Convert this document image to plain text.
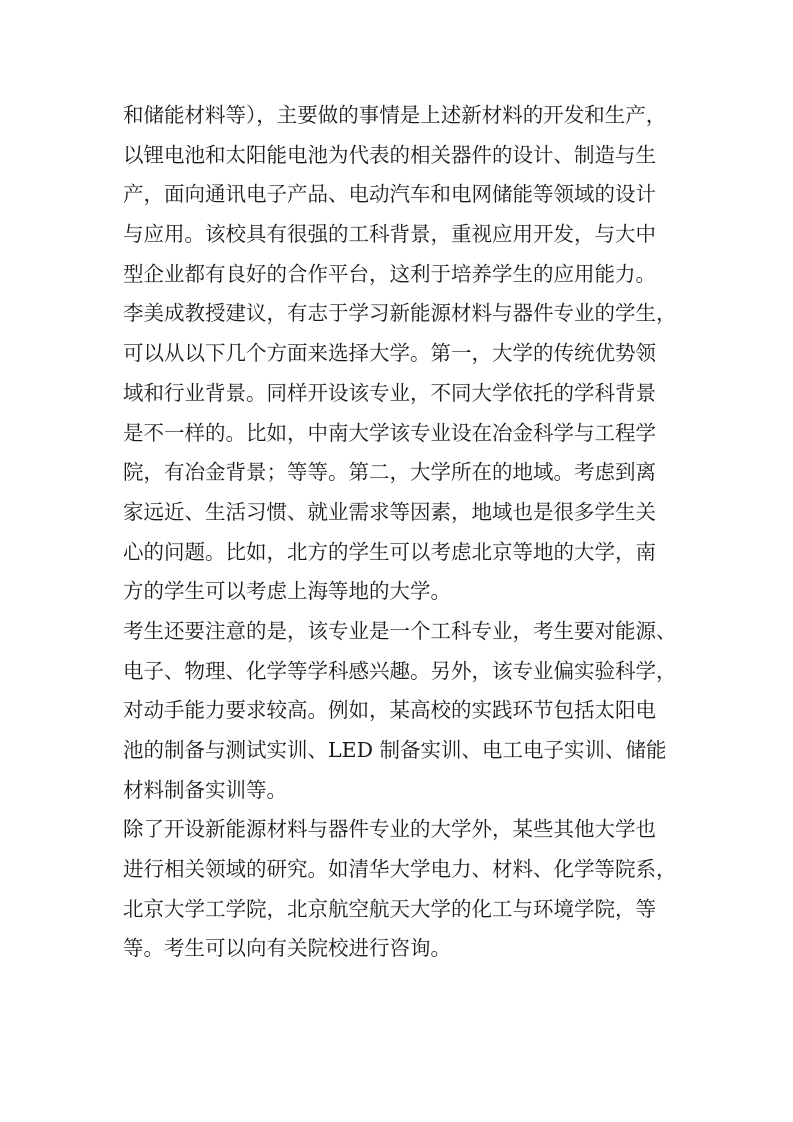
和储能材料等），主要做的事情是上述新材料的开发和生产，
以锂电池和太阳能电池为代表的相关器件的设计、制造与生
产，面向通讯电子产品、电动汽车和电网储能等领域的设计
与应用。该校具有很强的工科背景，重视应用开发，与大中
型企业都有良好的合作平台，这利于培养学生的应用能力。
李美成教授建议，有志于学习新能源材料与器件专业的学生，
可以从以下几个方面来选择大学。第一，大学的传统优势领
域和行业背景。同样开设该专业，不同大学依托的学科背景
是不一样的。比如，中南大学该专业设在冶金科学与工程学
院，有冶金背景；等等。第二，大学所在的地域。考虑到离
家远近、生活习惯、就业需求等因素，地域也是很多学生关
心的问题。比如，北方的学生可以考虑北京等地的大学，南
方的学生可以考虑上海等地的大学。
考生还要注意的是，该专业是一个工科专业，考生要对能源、
电子、物理、化学等学科感兴趣。另外，该专业偏实验科学，
对动手能力要求较高。例如，某高校的实践环节包括太阳电
池的制备与测试实训、LED 制备实训、电工电子实训、储能
材料制备实训等。
除了开设新能源材料与器件专业的大学外，某些其他大学也
进行相关领域的研究。如清华大学电力、材料、化学等院系，
北京大学工学院，北京航空航天大学的化工与环境学院，等
等。考生可以向有关院校进行咨询。
